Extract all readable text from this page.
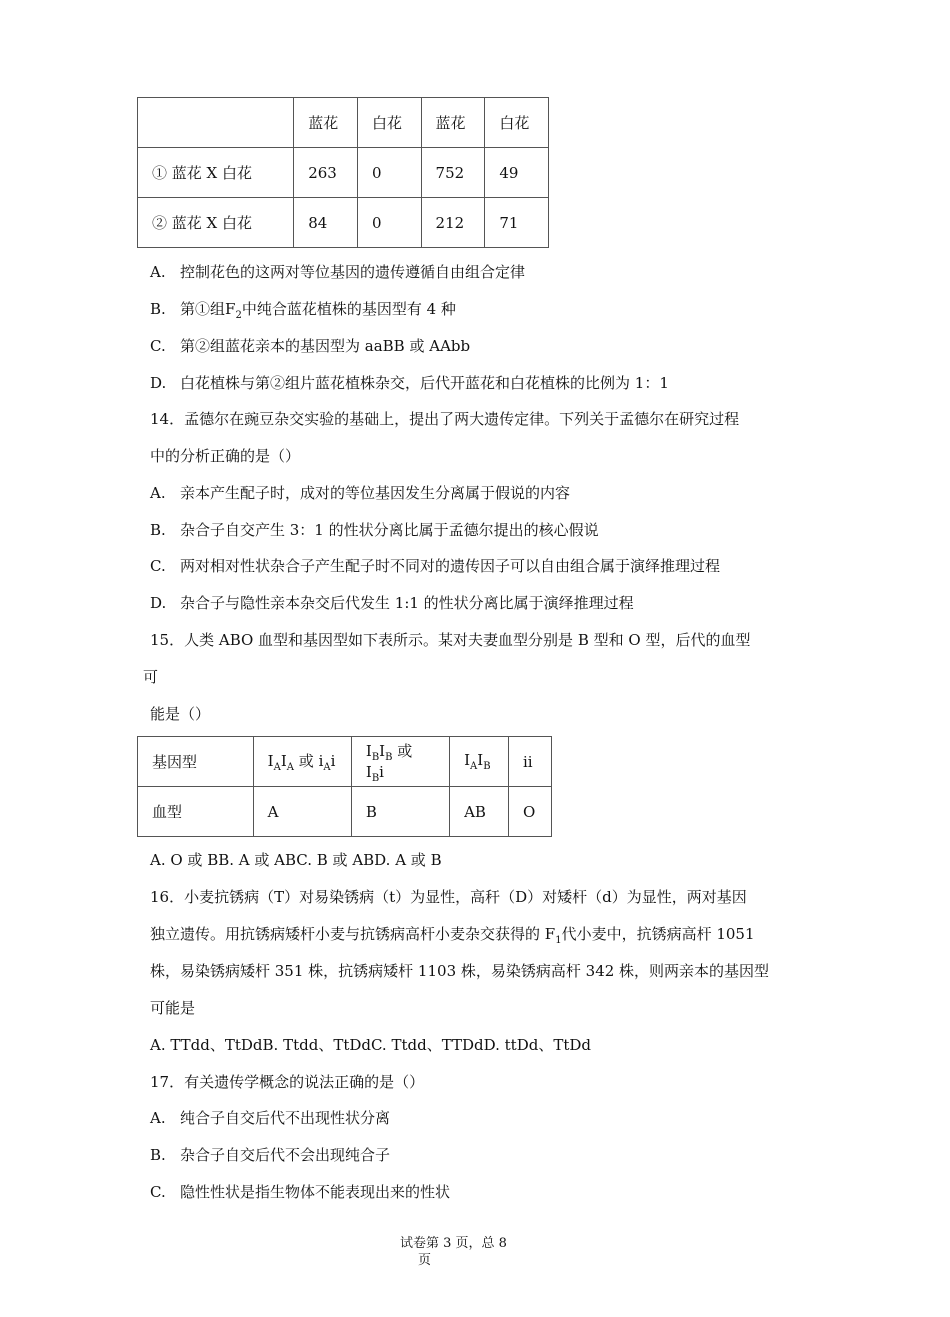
	蓝花	白花	蓝花	白花
① 蓝花 X 白花	263	0	752	49
② 蓝花 X 白花	84	0	212	71
A. 控制花色的这两对等位基因的遗传遵循自由组合定律
B. 第①组$F_2$中纯合蓝花植株的基因型有 4 种
C. 第②组蓝花亲本的基因型为 aaBB 或 AAbb
D. 白花植株与第②组片蓝花植株杂交，后代开蓝花和白花植株的比例为 1：1
14．孟德尔在豌豆杂交实验的基础上，提出了两大遗传定律。下列关于孟德尔在研究过程
中的分析正确的是（）
A. 亲本产生配子时，成对的等位基因发生分离属于假说的内容
B. 杂合子自交产生 3：1 的性状分离比属于孟德尔提出的核心假说
C. 两对相对性状杂合子产生配子时不同对的遗传因子可以自由组合属于演绎推理过程
D. 杂合子与隐性亲本杂交后代发生 1:1 的性状分离比属于演绎推理过程
15．人类 ABO 血型和基因型如下表所示。某对夫妻血型分别是 B 型和 O 型，后代的血型
可
能是（）
基因型	$I_AI_A$ 或 $i_Ai$	$I_BI_B$ 或 $I_Bi$	$I_AI_B$	ii
血型	A	B	AB	O
A. O 或 BB. A 或 ABC. B 或 ABD. A 或 B
16．小麦抗锈病（T）对易染锈病（t）为显性，高秆（D）对矮杆（d）为显性，两对基因
独立遗传。用抗锈病矮杆小麦与抗锈病高杆小麦杂交获得的 $F_1$代小麦中，抗锈病高杆 1051
株，易染锈病矮杆 351 株，抗锈病矮杆 1103 株，易染锈病高杆 342 株，则两亲本的基因型
可能是
A. TTdd、TtDdB. Ttdd、TtDdC. Ttdd、TTDdD. ttDd、TtDd
17．有关遗传学概念的说法正确的是（）
A. 纯合子自交后代不出现性状分离
B. 杂合子自交后代不会出现纯合子
C. 隐性性状是指生物体不能表现出来的性状
试卷第 3 页，总 8
页
